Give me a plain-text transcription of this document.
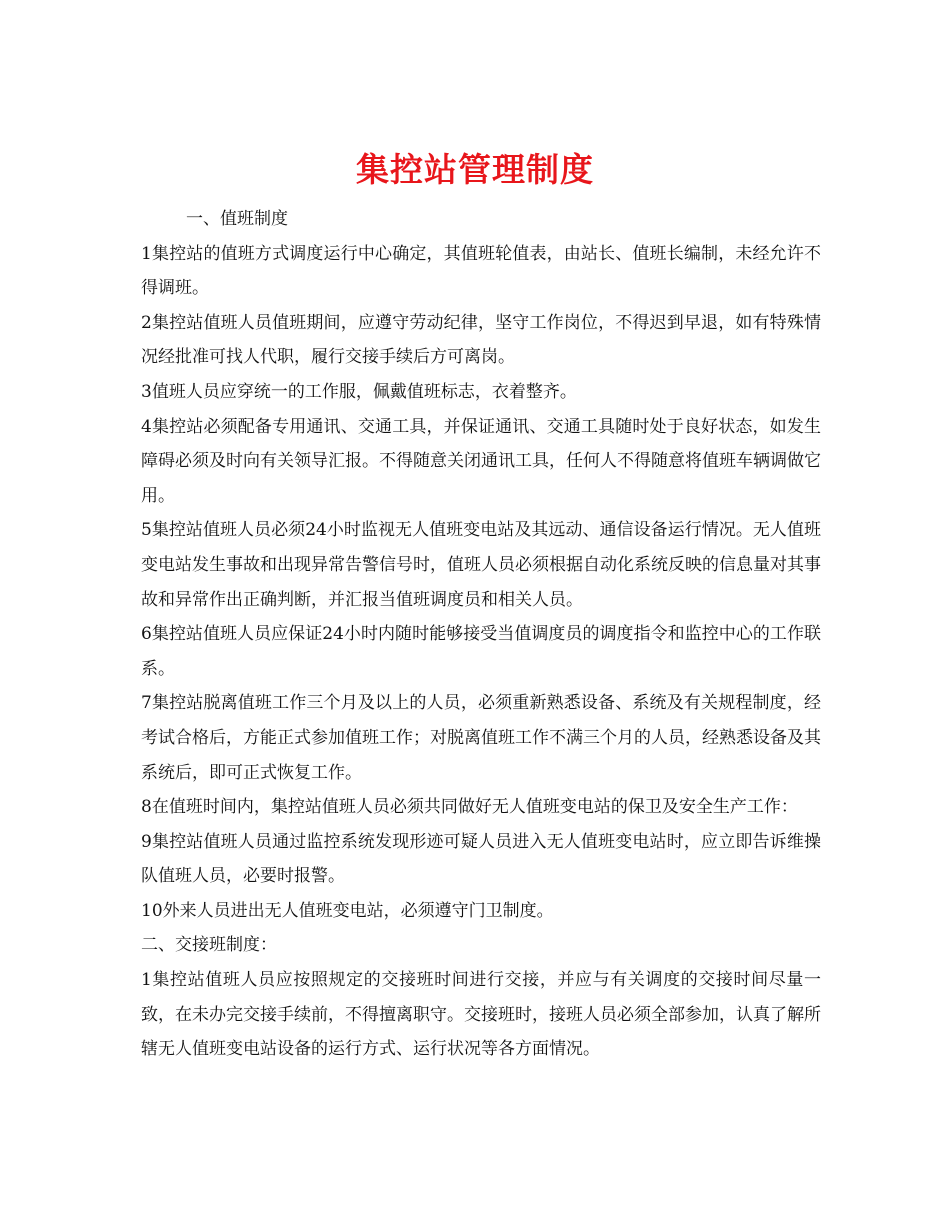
集控站管理制度

一、值班制度

1集控站的值班方式调度运行中心确定，其值班轮值表，由站长、值班长编制，未经允许不得调班。

2集控站值班人员值班期间，应遵守劳动纪律，坚守工作岗位，不得迟到早退，如有特殊情况经批准可找人代职，履行交接手续后方可离岗。

3值班人员应穿统一的工作服，佩戴值班标志，衣着整齐。

4集控站必须配备专用通讯、交通工具，并保证通讯、交通工具随时处于良好状态，如发生障碍必须及时向有关领导汇报。不得随意关闭通讯工具，任何人不得随意将值班车辆调做它用。

5集控站值班人员必须24小时监视无人值班变电站及其远动、通信设备运行情况。无人值班变电站发生事故和出现异常告警信号时，值班人员必须根据自动化系统反映的信息量对其事故和异常作出正确判断，并汇报当值班调度员和相关人员。

6集控站值班人员应保证24小时内随时能够接受当值调度员的调度指令和监控中心的工作联系。

7集控站脱离值班工作三个月及以上的人员，必须重新熟悉设备、系统及有关规程制度，经考试合格后，方能正式参加值班工作；对脱离值班工作不满三个月的人员，经熟悉设备及其系统后，即可正式恢复工作。

8在值班时间内，集控站值班人员必须共同做好无人值班变电站的保卫及安全生产工作：

9集控站值班人员通过监控系统发现形迹可疑人员进入无人值班变电站时，应立即告诉维操队值班人员，必要时报警。

10外来人员进出无人值班变电站，必须遵守门卫制度。

二、交接班制度：

1集控站值班人员应按照规定的交接班时间进行交接，并应与有关调度的交接时间尽量一致，在未办完交接手续前，不得擅离职守。交接班时，接班人员必须全部参加，认真了解所辖无人值班变电站设备的运行方式、运行状况等各方面情况。
